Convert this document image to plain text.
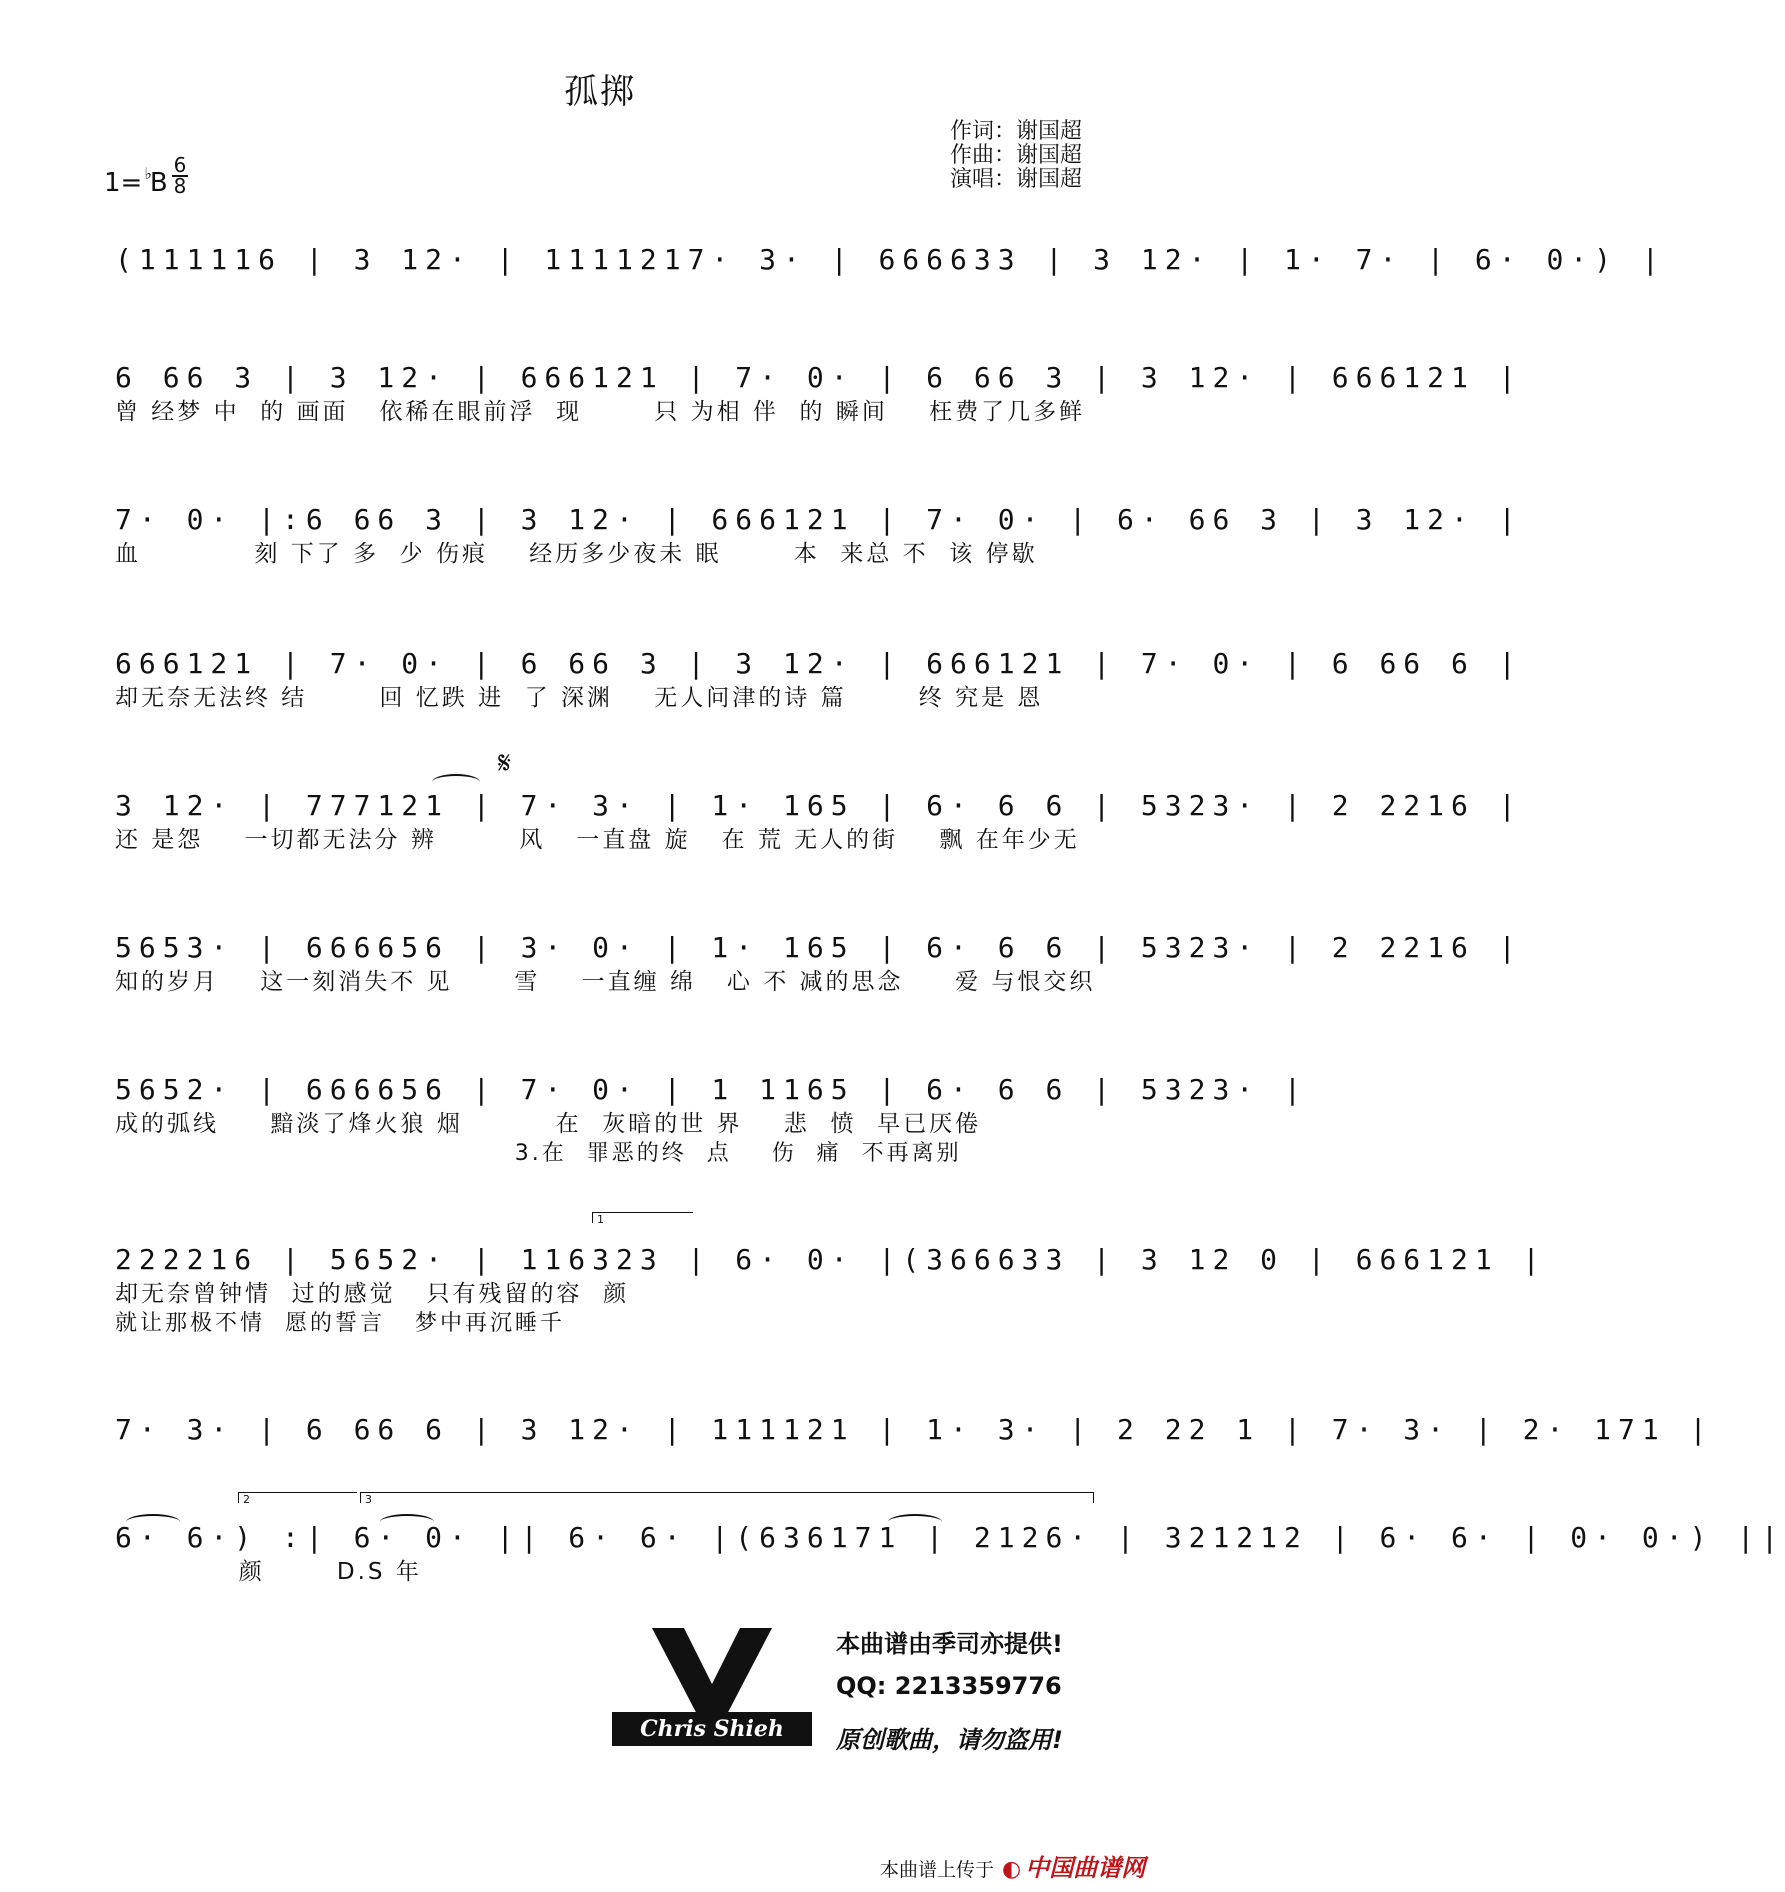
孤掷
作词：谢国超
作曲：谢国超
演唱：谢国超
1= ♭B
6
8
(111116 | 3 12· | 1111217· 3· | 666633 | 3 12· | 1· 7· | 6· 0·) |
6 66 3 | 3 12· | 666121 | 7· 0· | 6 66 3 | 3 12· | 666121 |
曾 经梦 中  的 画面   依稀在眼前浮  现       只 为相 伴  的 瞬间    枉费了几多鲜
7· 0· |:6 66 3 | 3 12· | 666121 | 7· 0· | 6· 66 3 | 3 12· |
血           刻 下了 多  少 伤痕    经历多少夜未 眠       本  来总 不  该 停歇
666121 | 7· 0· | 6 66 3 | 3 12· | 666121 | 7· 0· | 6 66 6 |
却无奈无法终 结       回 忆跌 进  了 深渊    无人问津的诗 篇       终 究是 恩
3 12· | 777121 | 7· 3· | 1· 165 | 6· 6 6 | 5323· | 2 2216 |
还 是怨    一切都无法分 辨        风   一直盘 旋   在 荒 无人的街    飘 在年少无
5653· | 666656 | 3· 0· | 1· 165 | 6· 6 6 | 5323· | 2 2216 |
知的岁月    这一刻消失不 见      雪    一直缠 绵   心 不 减的思念     爱 与恨交织
5652· | 666656 | 7· 0· | 1 1165 | 6· 6 6 | 5323· |
成的弧线     黯淡了烽火狼 烟         在  灰暗的世 界    悲  愤  早已厌倦
3.在  罪恶的终  点    伤  痛  不再离别
222216 | 5652· | 116323 | 6· 0· |(366633 | 3 12 0 | 666121 |
却无奈曾钟情  过的感觉   只有残留的容  颜
就让那极不情  愿的誓言   梦中再沉睡千
7· 3· | 6 66 6 | 3 12· | 111121 | 1· 3· | 2 22 1 | 7· 3· | 2· 171 |
6· 6·) :| 6· 0· || 6· 6· |(636171 | 2126· | 321212 | 6· 6· | 0· 0·) ||
颜       D.S 年
𝄋
1
2	3
Chris Shieh
本曲谱由季司亦提供!
QQ: 2213359776
原创歌曲，请勿盗用!
本曲谱上传于 ◐ 中国曲谱网
